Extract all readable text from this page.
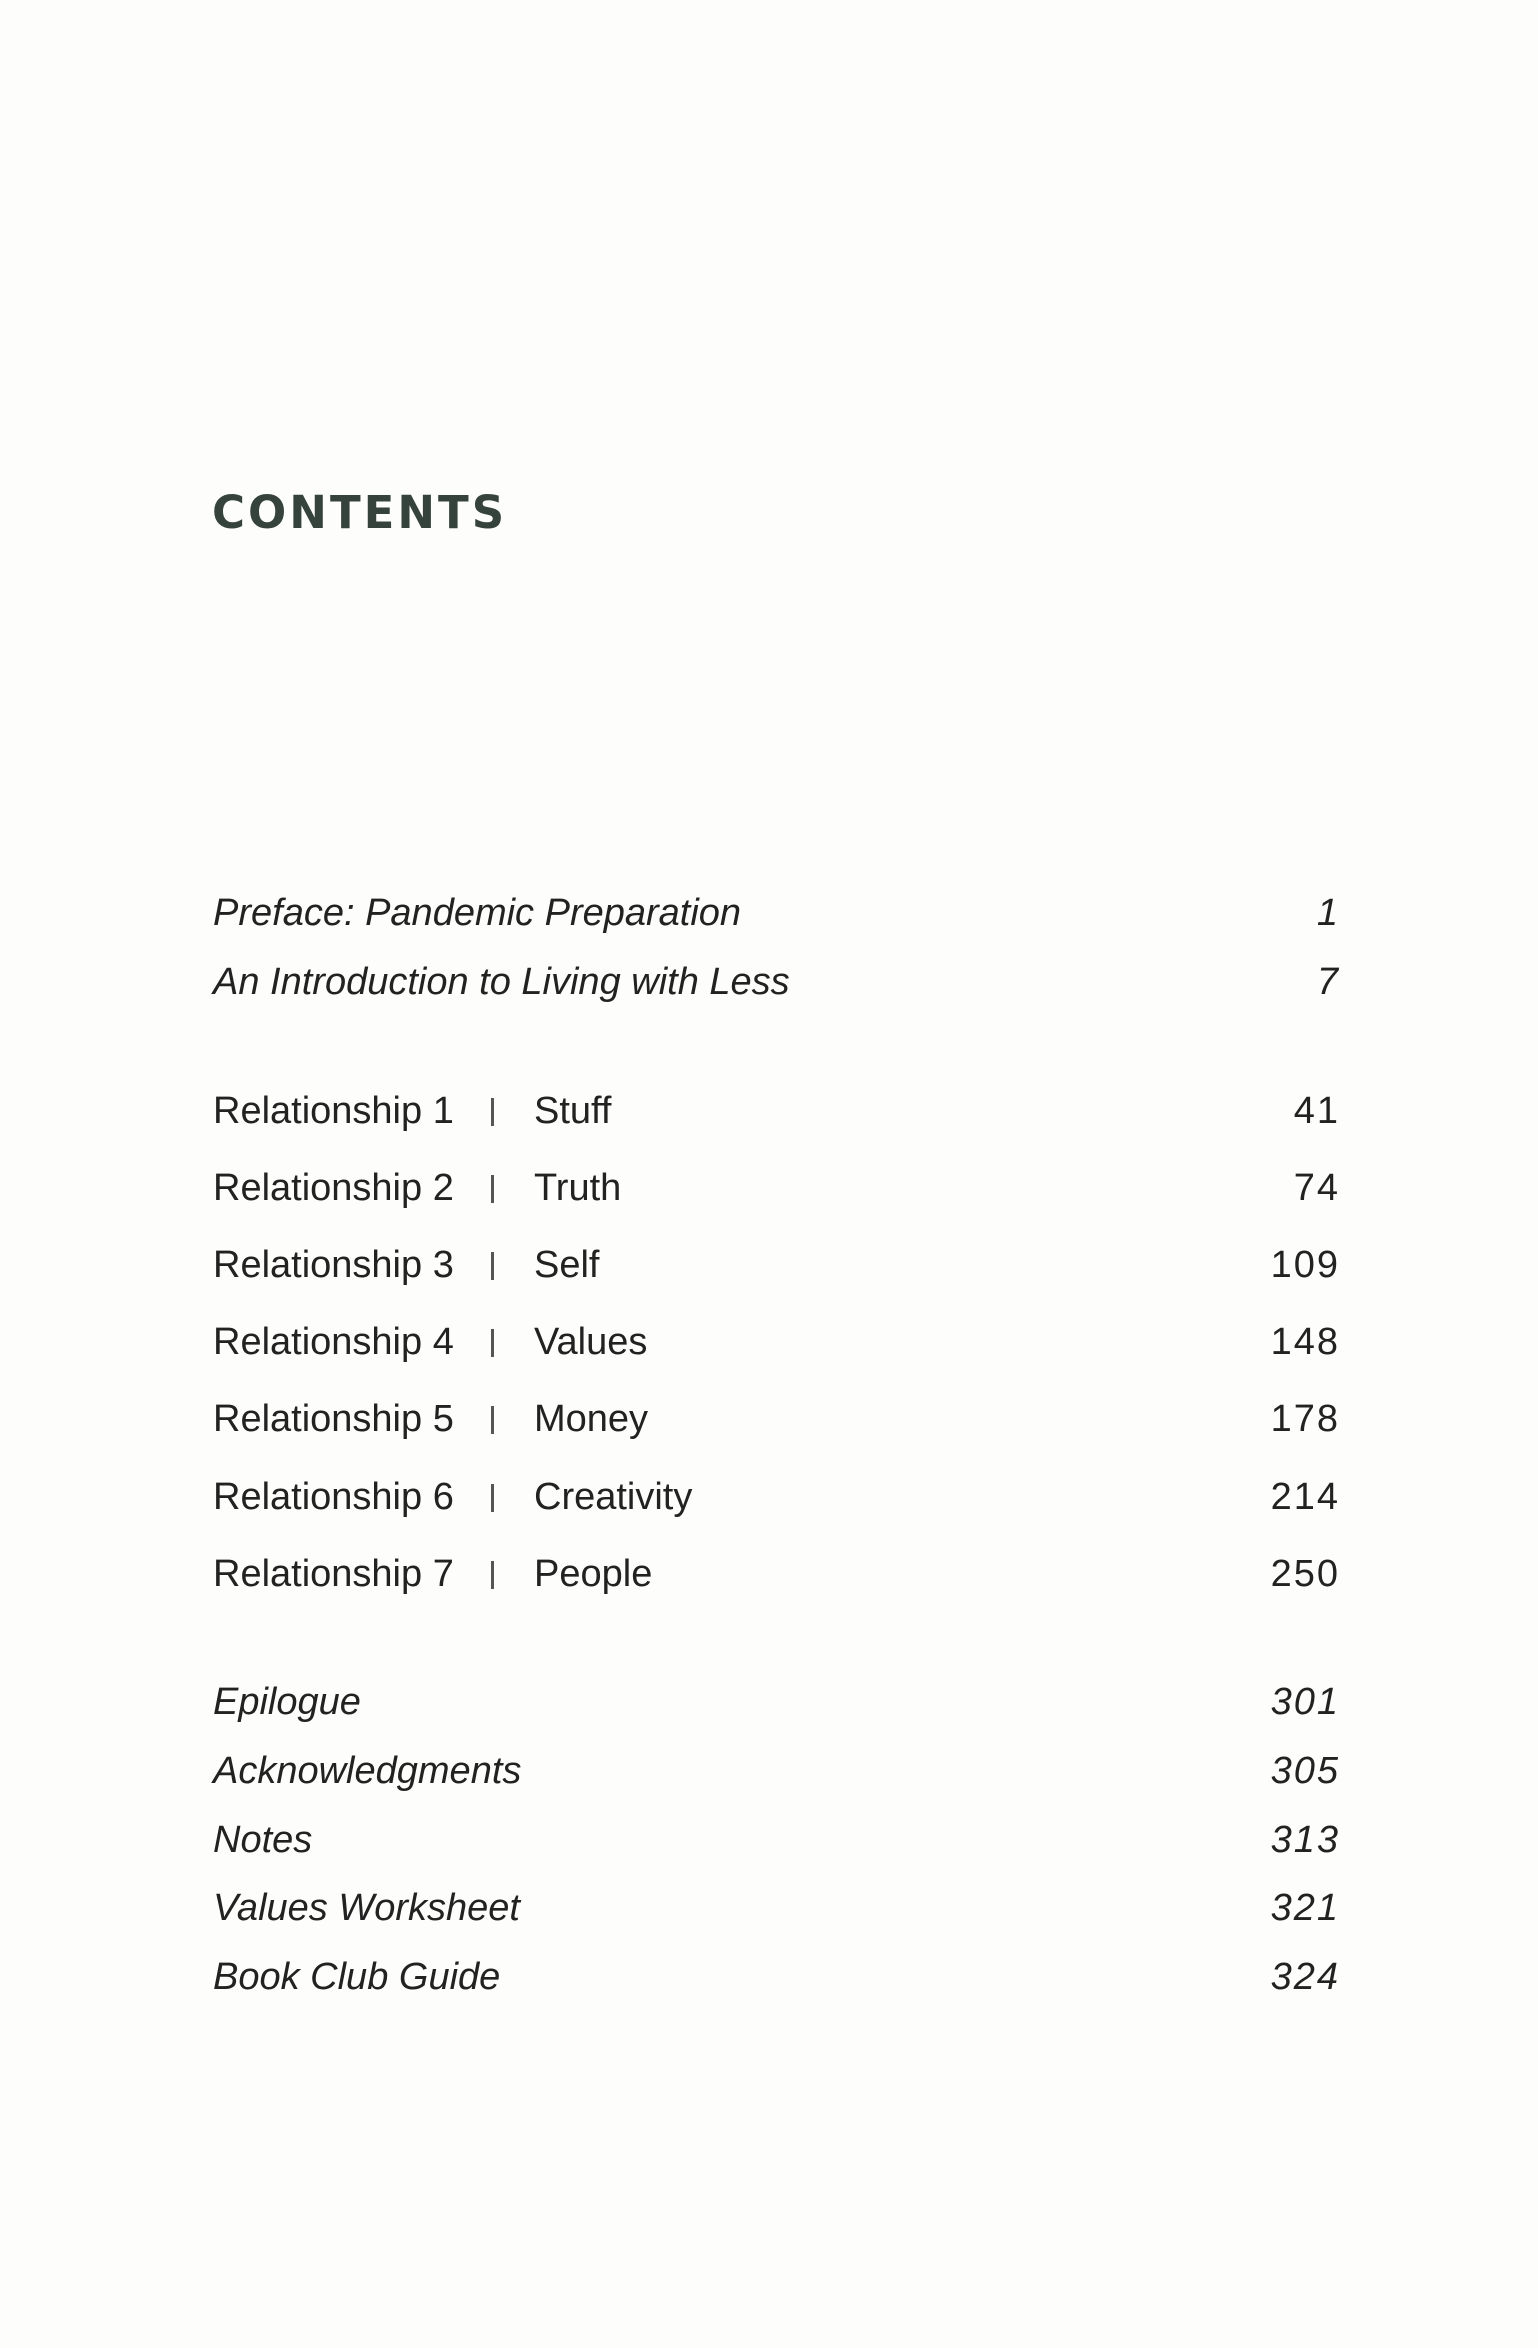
CONTENTS
Preface: Pandemic Preparation	1
An Introduction to Living with Less	7
Relationship 1 Stuff	41
Relationship 2 Truth	74
Relationship 3 Self	109
Relationship 4 Values	148
Relationship 5 Money	178
Relationship 6 Creativity	214
Relationship 7 People	250
Epilogue	301
Acknowledgments	305
Notes	313
Values Worksheet	321
Book Club Guide	324
